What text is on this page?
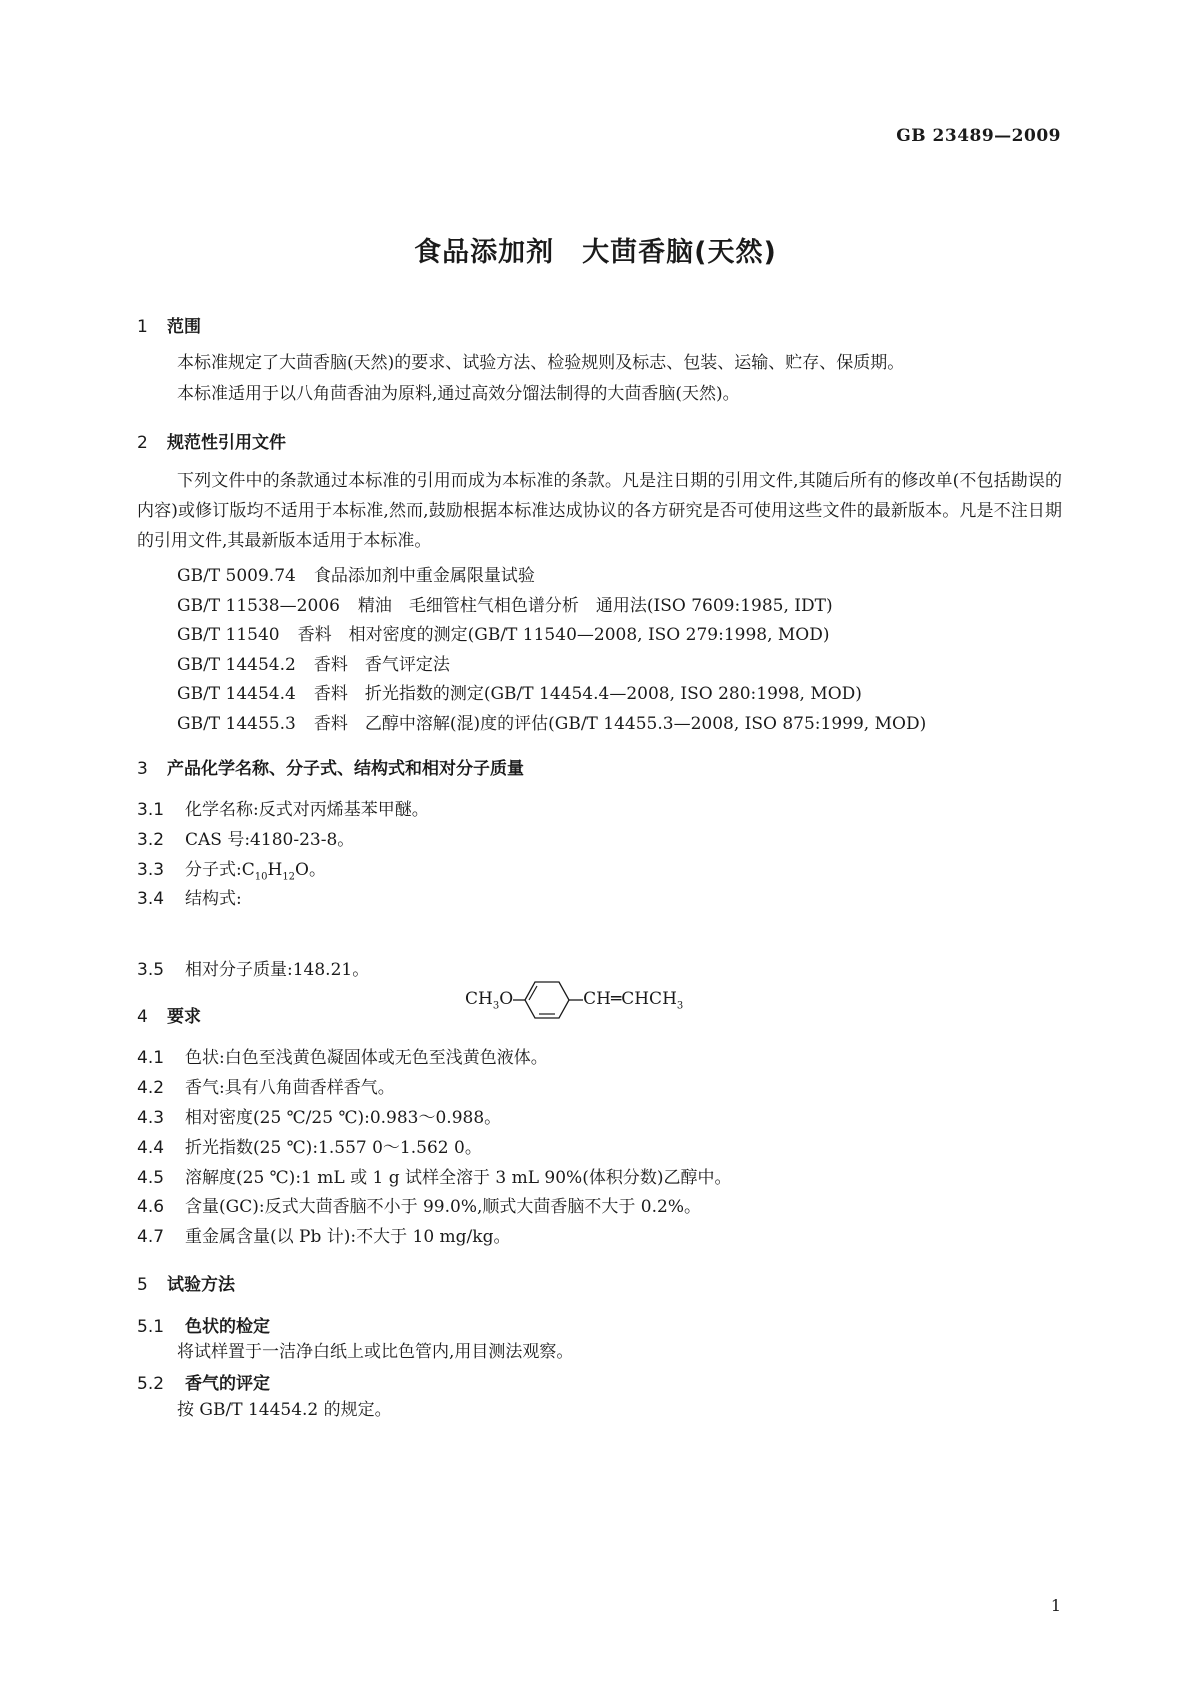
GB 23489—2009
食品添加剂　大茴香脑(天然)
1 范围
本标准规定了大茴香脑(天然)的要求、试验方法、检验规则及标志、包装、运输、贮存、保质期。
本标准适用于以八角茴香油为原料,通过高效分馏法制得的大茴香脑(天然)。
2 规范性引用文件
下列文件中的条款通过本标准的引用而成为本标准的条款。凡是注日期的引用文件,其随后所有的修改单(不包括勘误的内容)或修订版均不适用于本标准,然而,鼓励根据本标准达成协议的各方研究是否可使用这些文件的最新版本。凡是不注日期的引用文件,其最新版本适用于本标准。
GB/T 5009.74 食品添加剂中重金属限量试验
GB/T 11538—2006 精油　毛细管柱气相色谱分析　通用法(ISO 7609:1985, IDT)
GB/T 11540 香料　相对密度的测定(GB/T 11540—2008, ISO 279:1998, MOD)
GB/T 14454.2 香料　香气评定法
GB/T 14454.4 香料　折光指数的测定(GB/T 14454.4—2008, ISO 280:1998, MOD)
GB/T 14455.3 香料　乙醇中溶解(混)度的评估(GB/T 14455.3—2008, ISO 875:1999, MOD)
3 产品化学名称、分子式、结构式和相对分子质量
3.1 化学名称:反式对丙烯基苯甲醚。
3.2 CAS 号:4180-23-8。
3.3 分子式$:C_{10}H_{12}O$。
3.4 结构式:
$CH_3O$	$CH═CHCH_3$
3.5 相对分子质量:148.21。
4 要求
4.1 色状:白色至浅黄色凝固体或无色至浅黄色液体。
4.2 香气:具有八角茴香样香气。
4.3 相对密度(25 ℃/25 ℃):0.983～0.988。
4.4 折光指数(25 ℃):1.557 0～1.562 0。
4.5 溶解度(25 ℃):1 mL 或 1 g 试样全溶于 3 mL 90%(体积分数)乙醇中。
4.6 含量(GC):反式大茴香脑不小于 99.0%,顺式大茴香脑不大于 0.2%。
4.7 重金属含量(以 Pb 计):不大于 10 mg/kg。
5 试验方法
5.1 色状的检定
将试样置于一洁净白纸上或比色管内,用目测法观察。
5.2 香气的评定
按 GB/T 14454.2 的规定。
1
